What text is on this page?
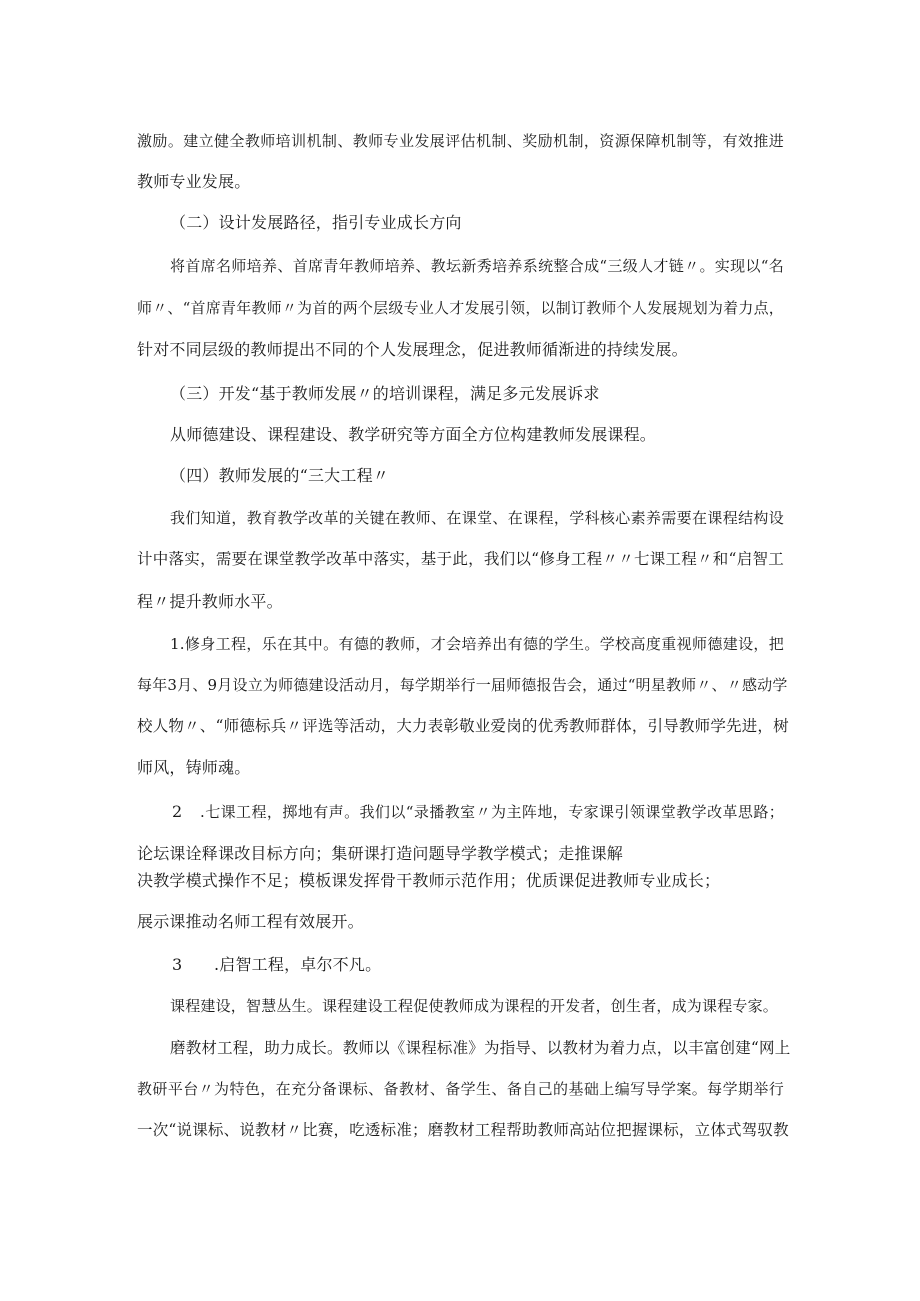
激励。建立健全教师培训机制、教师专业发展评估机制、奖励机制，资源保障机制等，有效推进
教师专业发展。
（二）设计发展路径，指引专业成长方向
将首席名师培养、首席青年教师培养、教坛新秀培养系统整合成“三级人才链〃。实现以“名
师〃、“首席青年教师〃为首的两个层级专业人才发展引领，以制订教师个人发展规划为着力点，
针对不同层级的教师提出不同的个人发展理念，促进教师循渐进的持续发展。
（三）开发“基于教师发展〃的培训课程，满足多元发展诉求
从师德建设、课程建设、教学研究等方面全方位构建教师发展课程。
（四）教师发展的“三大工程〃
我们知道，教育教学改革的关键在教师、在课堂、在课程，学科核心素养需要在课程结构设
计中落实，需要在课堂教学改革中落实，基于此，我们以“修身工程〃〃七课工程〃和“启智工
程〃提升教师水平。
1.修身工程，乐在其中。有德的教师，才会培养出有德的学生。学校高度重视师德建设，把
每年3月、9月设立为师德建设活动月，每学期举行一届师德报告会，通过“明星教师〃、〃感动学
校人物〃、“师德标兵〃评选等活动，大力表彰敬业爱岗的优秀教师群体，引导教师学先进，树
师风，铸师魂。
2 .七课工程，掷地有声。我们以“录播教室〃为主阵地，专家课引领课堂教学改革思路；
论坛课诠释课改目标方向；集研课打造问题导学教学模式；走推课解
决教学模式操作不足；模板课发挥骨干教师示范作用；优质课促进教师专业成长；
展示课推动名师工程有效展开。
3 .启智工程，卓尔不凡。
课程建设，智慧丛生。课程建设工程促使教师成为课程的开发者，创生者，成为课程专家。
磨教材工程，助力成长。教师以《课程标准》为指导、以教材为着力点，以丰富创建“网上
教研平台〃为特色，在充分备课标、备教材、备学生、备自己的基础上编写导学案。每学期举行
一次“说课标、说教材〃比赛，吃透标准；磨教材工程帮助教师高站位把握课标，立体式驾驭教
